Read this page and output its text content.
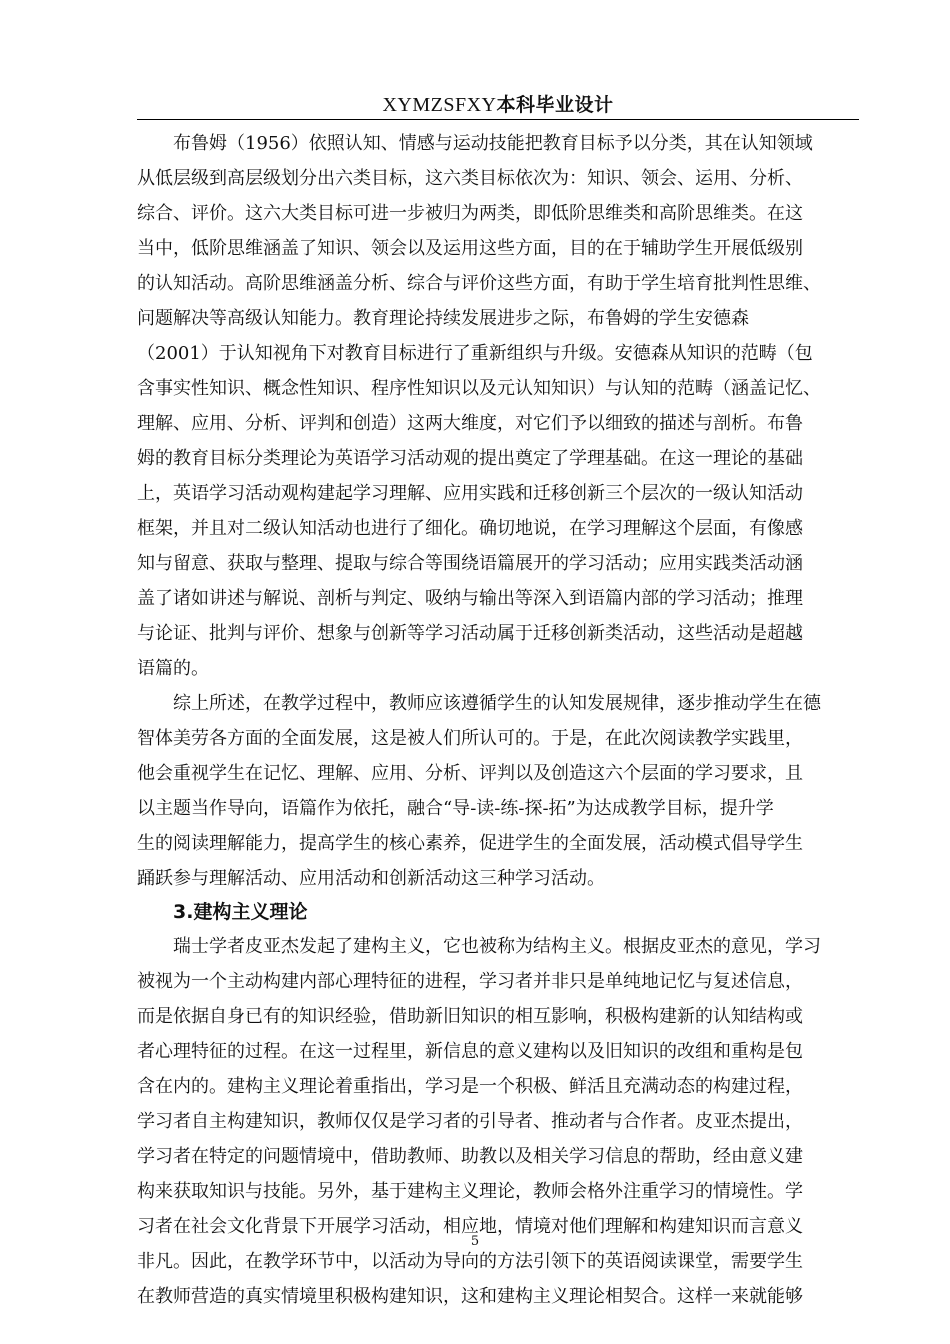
XYMZSFXY本科毕业设计
布鲁姆（1956）依照认知、情感与运动技能把教育目标予以分类，其在认知领域
从低层级到高层级划分出六类目标，这六类目标依次为：知识、领会、运用、分析、
综合、评价。这六大类目标可进一步被归为两类，即低阶思维类和高阶思维类。在这
当中，低阶思维涵盖了知识、领会以及运用这些方面，目的在于辅助学生开展低级别
的认知活动。高阶思维涵盖分析、综合与评价这些方面，有助于学生培育批判性思维、
问题解决等高级认知能力。教育理论持续发展进步之际，布鲁姆的学生安德森
（2001）于认知视角下对教育目标进行了重新组织与升级。安德森从知识的范畴（包
含事实性知识、概念性知识、程序性知识以及元认知知识）与认知的范畴（涵盖记忆、
理解、应用、分析、评判和创造）这两大维度，对它们予以细致的描述与剖析。布鲁
姆的教育目标分类理论为英语学习活动观的提出奠定了学理基础。在这一理论的基础
上，英语学习活动观构建起学习理解、应用实践和迁移创新三个层次的一级认知活动
框架，并且对二级认知活动也进行了细化。确切地说，在学习理解这个层面，有像感
知与留意、获取与整理、提取与综合等围绕语篇展开的学习活动；应用实践类活动涵
盖了诸如讲述与解说、剖析与判定、吸纳与输出等深入到语篇内部的学习活动；推理
与论证、批判与评价、想象与创新等学习活动属于迁移创新类活动，这些活动是超越
语篇的。
综上所述，在教学过程中，教师应该遵循学生的认知发展规律，逐步推动学生在德
智体美劳各方面的全面发展，这是被人们所认可的。于是，在此次阅读教学实践里，
他会重视学生在记忆、理解、应用、分析、评判以及创造这六个层面的学习要求，且
以主题当作导向，语篇作为依托，融合“导-读-练-探-拓”为达成教学目标，提升学
生的阅读理解能力，提高学生的核心素养，促进学生的全面发展，活动模式倡导学生
踊跃参与理解活动、应用活动和创新活动这三种学习活动。
3.建构主义理论
瑞士学者皮亚杰发起了建构主义，它也被称为结构主义。根据皮亚杰的意见，学习
被视为一个主动构建内部心理特征的进程，学习者并非只是单纯地记忆与复述信息，
而是依据自身已有的知识经验，借助新旧知识的相互影响，积极构建新的认知结构或
者心理特征的过程。在这一过程里，新信息的意义建构以及旧知识的改组和重构是包
含在内的。建构主义理论着重指出，学习是一个积极、鲜活且充满动态的构建过程，
学习者自主构建知识，教师仅仅是学习者的引导者、推动者与合作者。皮亚杰提出，
学习者在特定的问题情境中，借助教师、助教以及相关学习信息的帮助，经由意义建
构来获取知识与技能。另外，基于建构主义理论，教师会格外注重学习的情境性。学
习者在社会文化背景下开展学习活动，相应地，情境对他们理解和构建知识而言意义
非凡。因此，在教学环节中，以活动为导向的方法引领下的英语阅读课堂，需要学生
在教师营造的真实情境里积极构建知识，这和建构主义理论相契合。这样一来就能够
5
